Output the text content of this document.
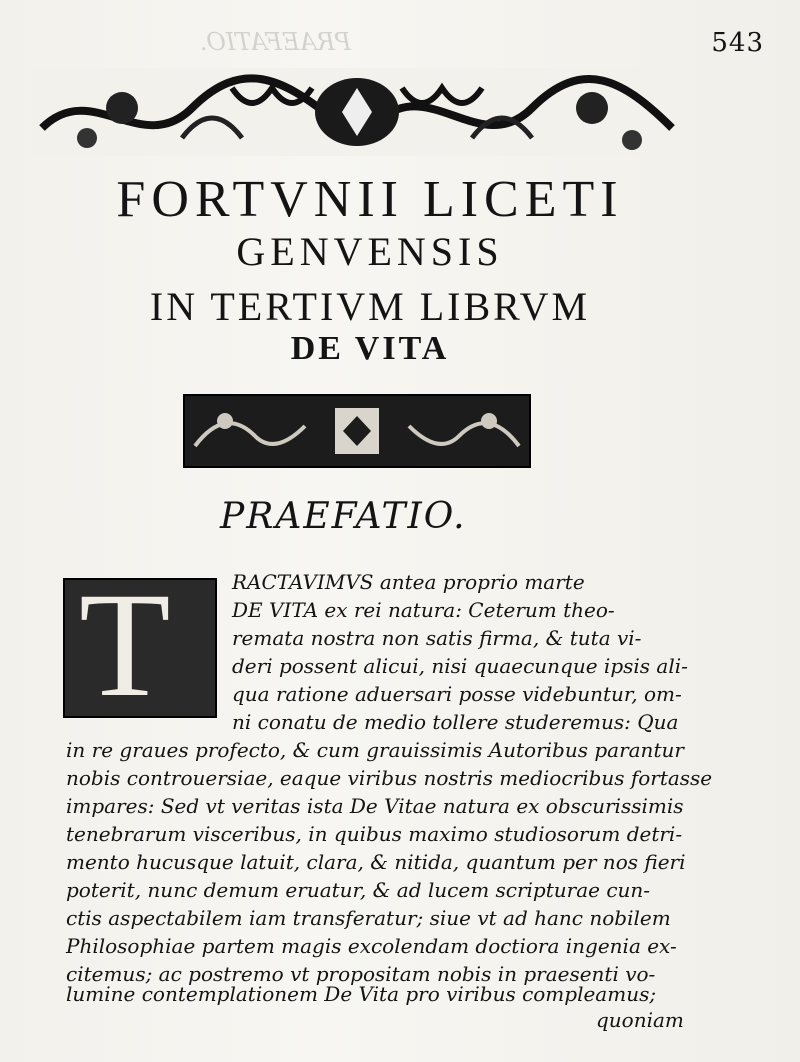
PRAEFATIO.	543
FORTVNII LICETI
GENVENSIS
IN TERTIVM LIBRVM
DE VITA
PRAEFATIO.
T	RACTAVIMVS antea proprio marte
DE VITA ex rei natura: Ceterum theo-
remata nostra non satis firma, & tuta vi-
deri possent alicui, nisi quaecunque ipsis ali-
qua ratione aduersari posse videbuntur, om-
ni conatu de medio tollere studeremus: Qua
in re graues profecto, & cum grauissimis Autoribus parantur
nobis controuersiae, eaque viribus nostris mediocribus fortasse
impares: Sed vt veritas ista De Vitae natura ex obscurissimis
tenebrarum visceribus, in quibus maximo studiosorum detri-
mento hucusque latuit, clara, & nitida, quantum per nos fieri
poterit, nunc demum eruatur, & ad lucem scripturae cun-
ctis aspectabilem iam transferatur; siue vt ad hanc nobilem
Philosophiae partem magis excolendam doctiora ingenia ex-
citemus; ac postremo vt propositam nobis in praesenti vo-
lumine contemplationem De Vita pro viribus compleamus;
quoniam
